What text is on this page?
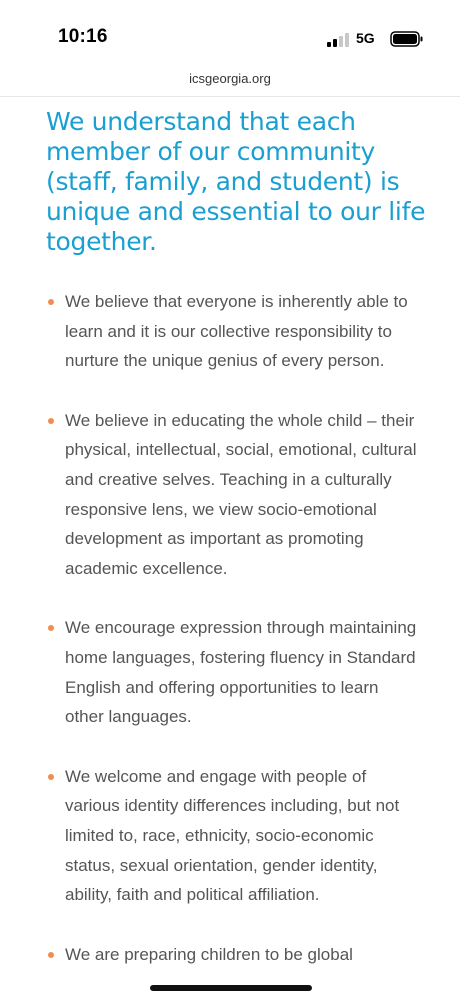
10:16	5G
icsgeorgia.org
We understand that each member of our community (staff, family, and student) is unique and essential to our life together.
We believe that everyone is inherently able to learn and it is our collective responsibility to nurture the unique genius of every person.
We believe in educating the whole child – their physical, intellectual, social, emotional, cultural and creative selves. Teaching in a culturally responsive lens, we view socio-emotional development as important as promoting academic excellence.
We encourage expression through maintaining home languages, fostering fluency in Standard English and offering opportunities to learn other languages.
We welcome and engage with people of various identity differences including, but not limited to, race, ethnicity, socio-economic status, sexual orientation, gender identity, ability, faith and political affiliation.
We are preparing children to be global
